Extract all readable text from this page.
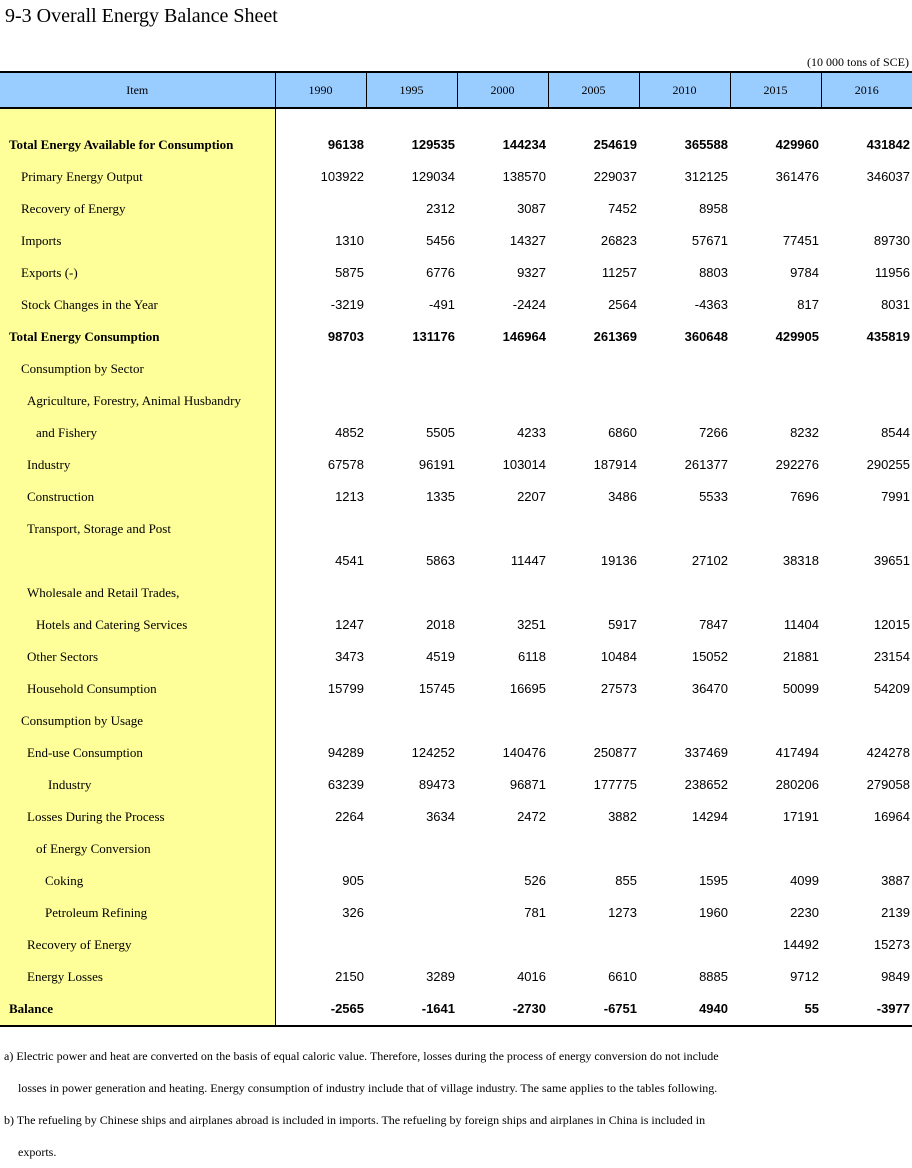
9-3 Overall Energy Balance Sheet
(10 000 tons of SCE)
Item	1990	1995	2000	2005	2010	2015	2016

Total Energy Available for Consumption	96138	129535	144234	254619	365588	429960	431842
Primary Energy Output	103922	129034	138570	229037	312125	361476	346037
Recovery of Energy		2312	3087	7452	8958		
Imports	1310	5456	14327	26823	57671	77451	89730
Exports (-)	5875	6776	9327	11257	8803	9784	11956
Stock Changes in the Year	-3219	-491	-2424	2564	-4363	817	8031
Total Energy Consumption	98703	131176	146964	261369	360648	429905	435819
Consumption by Sector							
Agriculture, Forestry, Animal Husbandry							
and Fishery	4852	5505	4233	6860	7266	8232	8544
Industry	67578	96191	103014	187914	261377	292276	290255
Construction	1213	1335	2207	3486	5533	7696	7991
Transport, Storage and Post							
	4541	5863	11447	19136	27102	38318	39651
Wholesale and Retail Trades,							
Hotels and Catering Services	1247	2018	3251	5917	7847	11404	12015
Other Sectors	3473	4519	6118	10484	15052	21881	23154
Household Consumption	15799	15745	16695	27573	36470	50099	54209
Consumption by Usage							
End-use Consumption	94289	124252	140476	250877	337469	417494	424278
Industry	63239	89473	96871	177775	238652	280206	279058
Losses During the Process	2264	3634	2472	3882	14294	17191	16964
of Energy Conversion							
Coking	905		526	855	1595	4099	3887
Petroleum Refining	326		781	1273	1960	2230	2139
Recovery of Energy						14492	15273
Energy Losses	2150	3289	4016	6610	8885	9712	9849
Balance	-2565	-1641	-2730	-6751	4940	55	-3977
a) Electric power and heat are converted on the basis of equal caloric value. Therefore, losses during the process of energy conversion do not include
losses in power generation and heating. Energy consumption of industry include that of village industry. The same applies to the tables following.
b) The refueling by Chinese ships and airplanes abroad is included in imports. The refueling by foreign ships and airplanes in China is included in
exports.
